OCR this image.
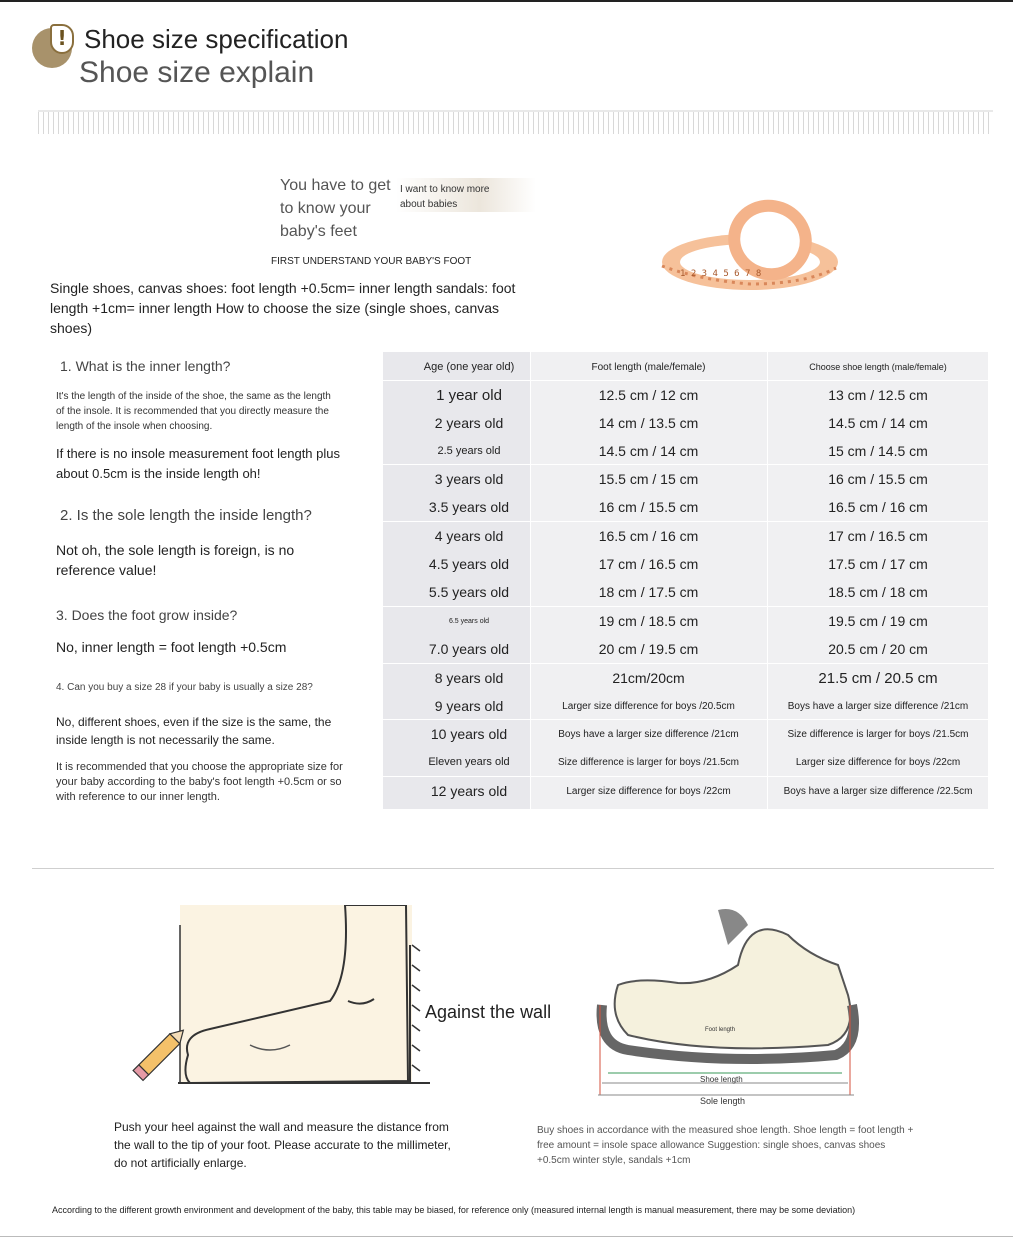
! Shoe size specification
Shoe size explain
You have to get
to know your
baby's feet
I want to know more
about babies
FIRST UNDERSTAND YOUR BABY'S FOOT
Single shoes, canvas shoes: foot length +0.5cm= inner length sandals: foot length +1cm= inner length How to choose the size (single shoes, canvas shoes)
1 2 3 4 5 6 7 8
1. What is the inner length?
It's the length of the inside of the shoe, the same as the length of the insole. It is recommended that you directly measure the length of the insole when choosing.
If there is no insole measurement foot length plus about 0.5cm is the inside length oh!
2. Is the sole length the inside length?
Not oh, the sole length is foreign, is no reference value!
3. Does the foot grow inside?
No, inner length = foot length +0.5cm
4. Can you buy a size 28 if your baby is usually a size 28?
No, different shoes, even if the size is the same, the inside length is not necessarily the same.
It is recommended that you choose the appropriate size for your baby according to the baby's foot length +0.5cm or so with reference to our inner length.
Age (one year old)	Foot length (male/female)	Choose shoe length (male/female)
1 year old	12.5 cm / 12 cm	13 cm / 12.5 cm
2 years old	14 cm / 13.5 cm	14.5 cm / 14 cm
2.5 years old	14.5 cm / 14 cm	15 cm / 14.5 cm
3 years old	15.5 cm / 15 cm	16 cm / 15.5 cm
3.5 years old	16 cm / 15.5 cm	16.5 cm / 16 cm
4 years old	16.5 cm / 16 cm	17 cm / 16.5 cm
4.5 years old	17 cm / 16.5 cm	17.5 cm / 17 cm
5.5 years old	18 cm / 17.5 cm	18.5 cm / 18 cm
6.5 years old	19 cm / 18.5 cm	19.5 cm / 19 cm
7.0 years old	20 cm / 19.5 cm	20.5 cm / 20 cm
8 years old	21cm/20cm	21.5 cm / 20.5 cm
9 years old	Larger size difference for boys /20.5cm	Boys have a larger size difference /21cm
10 years old	Boys have a larger size difference /21cm	Size difference is larger for boys /21.5cm
Eleven years old	Size difference is larger for boys /21.5cm	Larger size difference for boys /22cm
12 years old	Larger size difference for boys /22cm	Boys have a larger size difference /22.5cm
Against the wall
Foot length
Shoe length
Sole length
Push your heel against the wall and measure the distance from the wall to the tip of your foot. Please accurate to the millimeter, do not artificially enlarge.
Buy shoes in accordance with the measured shoe length. Shoe length = foot length + free amount = insole space allowance Suggestion: single shoes, canvas shoes +0.5cm winter style, sandals +1cm
According to the different growth environment and development of the baby, this table may be biased, for reference only (measured internal length is manual measurement, there may be some deviation)
